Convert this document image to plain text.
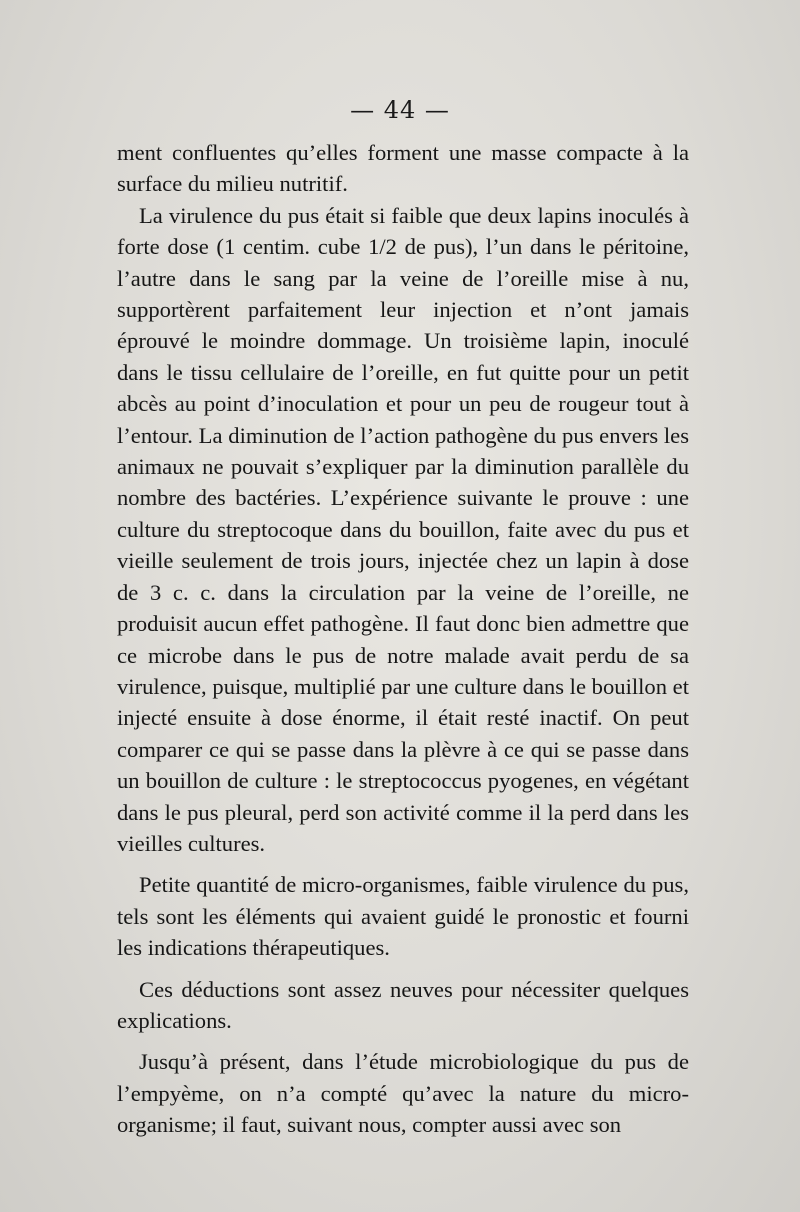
— 44 —

ment confluentes qu’elles forment une masse compacte à la surface du milieu nutritif.

La virulence du pus était si faible que deux lapins inoculés à forte dose (1 centim. cube 1/2 de pus), l’un dans le péritoine, l’autre dans le sang par la veine de l’oreille mise à nu, supportèrent parfaitement leur injection et n’ont jamais éprouvé le moindre dommage. Un troisième lapin, inoculé dans le tissu cellulaire de l’oreille, en fut quitte pour un petit abcès au point d’inoculation et pour un peu de rougeur tout à l’entour. La diminution de l’action pathogène du pus envers les animaux ne pouvait s’expliquer par la diminution parallèle du nombre des bactéries. L’expérience suivante le prouve : une culture du streptocoque dans du bouillon, faite avec du pus et vieille seulement de trois jours, injectée chez un lapin à dose de 3 c. c. dans la circulation par la veine de l’oreille, ne produisit aucun effet pathogène. Il faut donc bien admettre que ce microbe dans le pus de notre malade avait perdu de sa virulence, puisque, multiplié par une culture dans le bouillon et injecté ensuite à dose énorme, il était resté inactif. On peut comparer ce qui se passe dans la plèvre à ce qui se passe dans un bouillon de culture : le streptococcus pyogenes, en végétant dans le pus pleural, perd son activité comme il la perd dans les vieilles cultures.

Petite quantité de micro-organismes, faible virulence du pus, tels sont les éléments qui avaient guidé le pronostic et fourni les indications thérapeutiques.

Ces déductions sont assez neuves pour nécessiter quelques explications.

Jusqu’à présent, dans l’étude microbiologique du pus de l’empyème, on n’a compté qu’avec la nature du micro-organisme; il faut, suivant nous, compter aussi avec son
